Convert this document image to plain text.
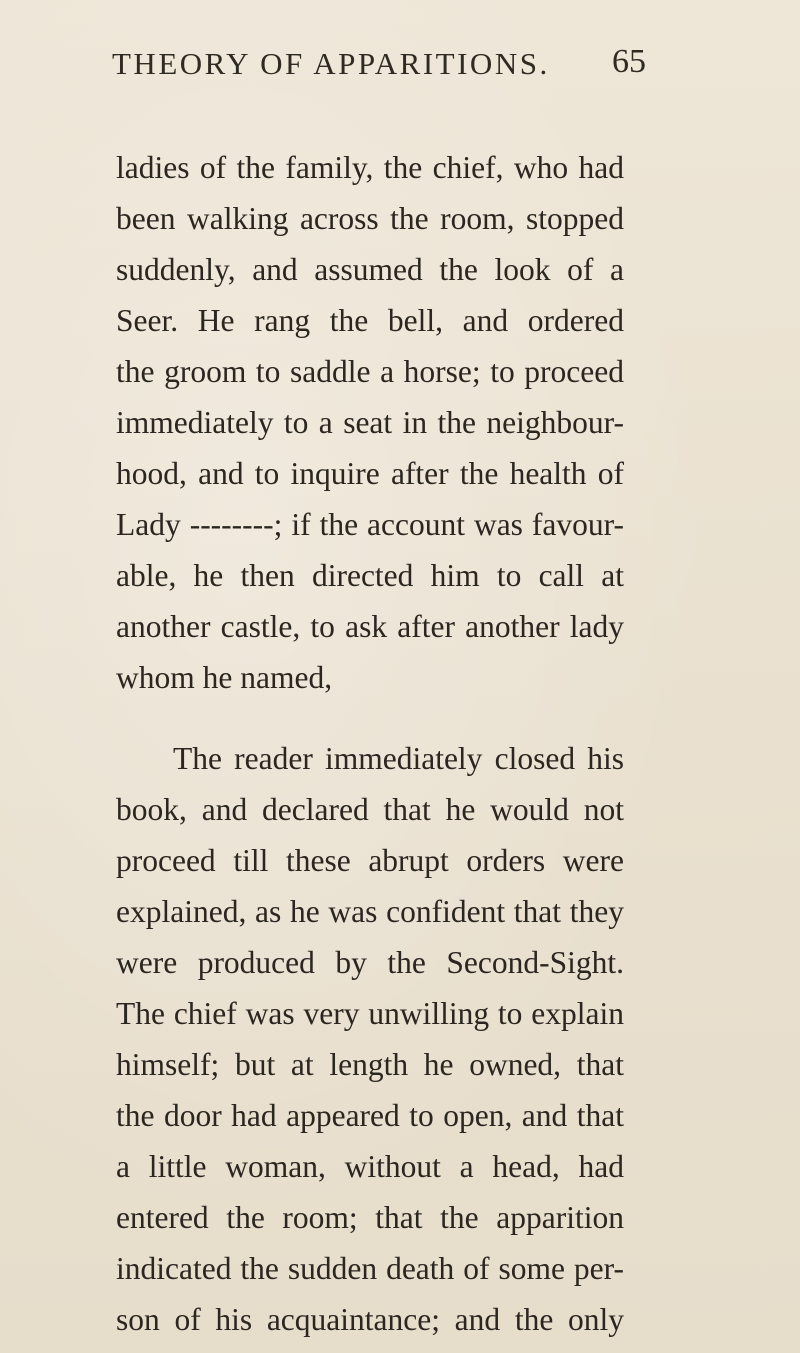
THEORY OF APPARITIONS. 65
ladies of the family, the chief, who had
been walking across the room, stopped
suddenly, and assumed the look of a
Seer. He rang the bell, and ordered
the groom to saddle a horse; to proceed
immediately to a seat in the neighbour-
hood, and to inquire after the health of
Lady --------; if the account was favour-
able, he then directed him to call at
another castle, to ask after another lady
whom he named,
The reader immediately closed his
book, and declared that he would not
proceed till these abrupt orders were
explained, as he was confident that they
were produced by the Second-Sight.
The chief was very unwilling to explain
himself; but at length he owned, that
the door had appeared to open, and that
a little woman, without a head, had
entered the room; that the apparition
indicated the sudden death of some per-
son of his acquaintance; and the only
